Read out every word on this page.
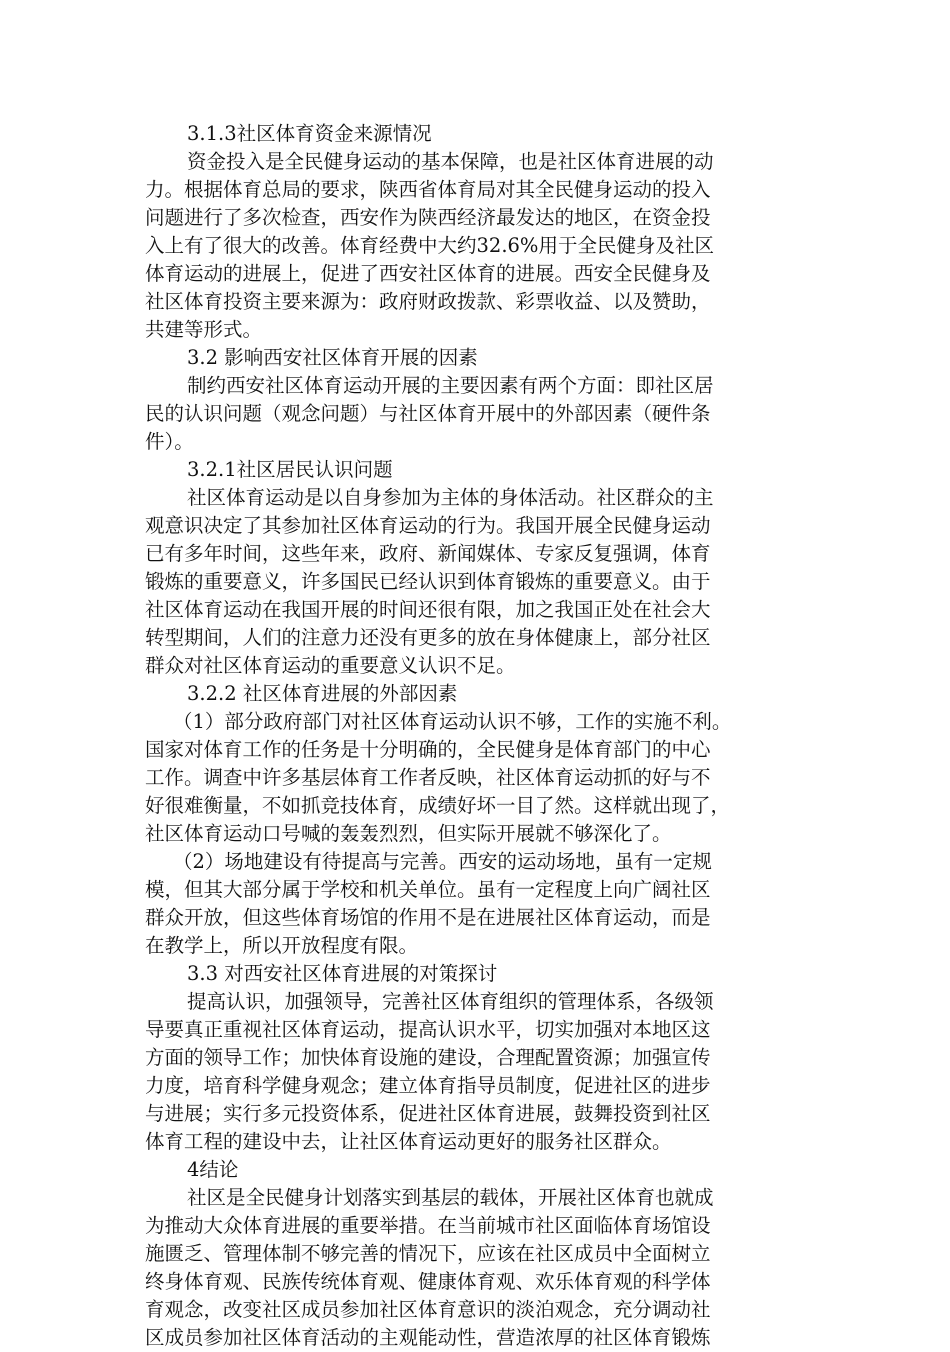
3.1.3社区体育资金来源情况
资金投入是全民健身运动的基本保障，也是社区体育进展的动
力。根据体育总局的要求，陕西省体育局对其全民健身运动的投入
问题进行了多次检查，西安作为陕西经济最发达的地区，在资金投
入上有了很大的改善。体育经费中大约32.6%用于全民健身及社区
体育运动的进展上，促进了西安社区体育的进展。西安全民健身及
社区体育投资主要来源为：政府财政拨款、彩票收益、以及赞助，
共建等形式。
3.2 影响西安社区体育开展的因素
制约西安社区体育运动开展的主要因素有两个方面：即社区居
民的认识问题（观念问题）与社区体育开展中的外部因素（硬件条
件）。
3.2.1社区居民认识问题
社区体育运动是以自身参加为主体的身体活动。社区群众的主
观意识决定了其参加社区体育运动的行为。我国开展全民健身运动
已有多年时间，这些年来，政府、新闻媒体、专家反复强调，体育
锻炼的重要意义，许多国民已经认识到体育锻炼的重要意义。由于
社区体育运动在我国开展的时间还很有限，加之我国正处在社会大
转型期间，人们的注意力还没有更多的放在身体健康上，部分社区
群众对社区体育运动的重要意义认识不足。
3.2.2 社区体育进展的外部因素
（1）部分政府部门对社区体育运动认识不够，工作的实施不利。
国家对体育工作的任务是十分明确的，全民健身是体育部门的中心
工作。调查中许多基层体育工作者反映，社区体育运动抓的好与不
好很难衡量，不如抓竞技体育，成绩好坏一目了然。这样就出现了，
社区体育运动口号喊的轰轰烈烈，但实际开展就不够深化了。
（2）场地建设有待提高与完善。西安的运动场地，虽有一定规
模，但其大部分属于学校和机关单位。虽有一定程度上向广阔社区
群众开放，但这些体育场馆的作用不是在进展社区体育运动，而是
在教学上，所以开放程度有限。
3.3 对西安社区体育进展的对策探讨
提高认识，加强领导，完善社区体育组织的管理体系，各级领
导要真正重视社区体育运动，提高认识水平，切实加强对本地区这
方面的领导工作；加快体育设施的建设，合理配置资源；加强宣传
力度，培育科学健身观念；建立体育指导员制度，促进社区的进步
与进展；实行多元投资体系，促进社区体育进展，鼓舞投资到社区
体育工程的建设中去，让社区体育运动更好的服务社区群众。
4结论
社区是全民健身计划落实到基层的载体，开展社区体育也就成
为推动大众体育进展的重要举措。在当前城市社区面临体育场馆设
施匮乏、管理体制不够完善的情况下，应该在社区成员中全面树立
终身体育观、民族传统体育观、健康体育观、欢乐体育观的科学体
育观念，改变社区成员参加社区体育意识的淡泊观念，充分调动社
区成员参加社区体育活动的主观能动性，营造浓厚的社区体育锻炼
